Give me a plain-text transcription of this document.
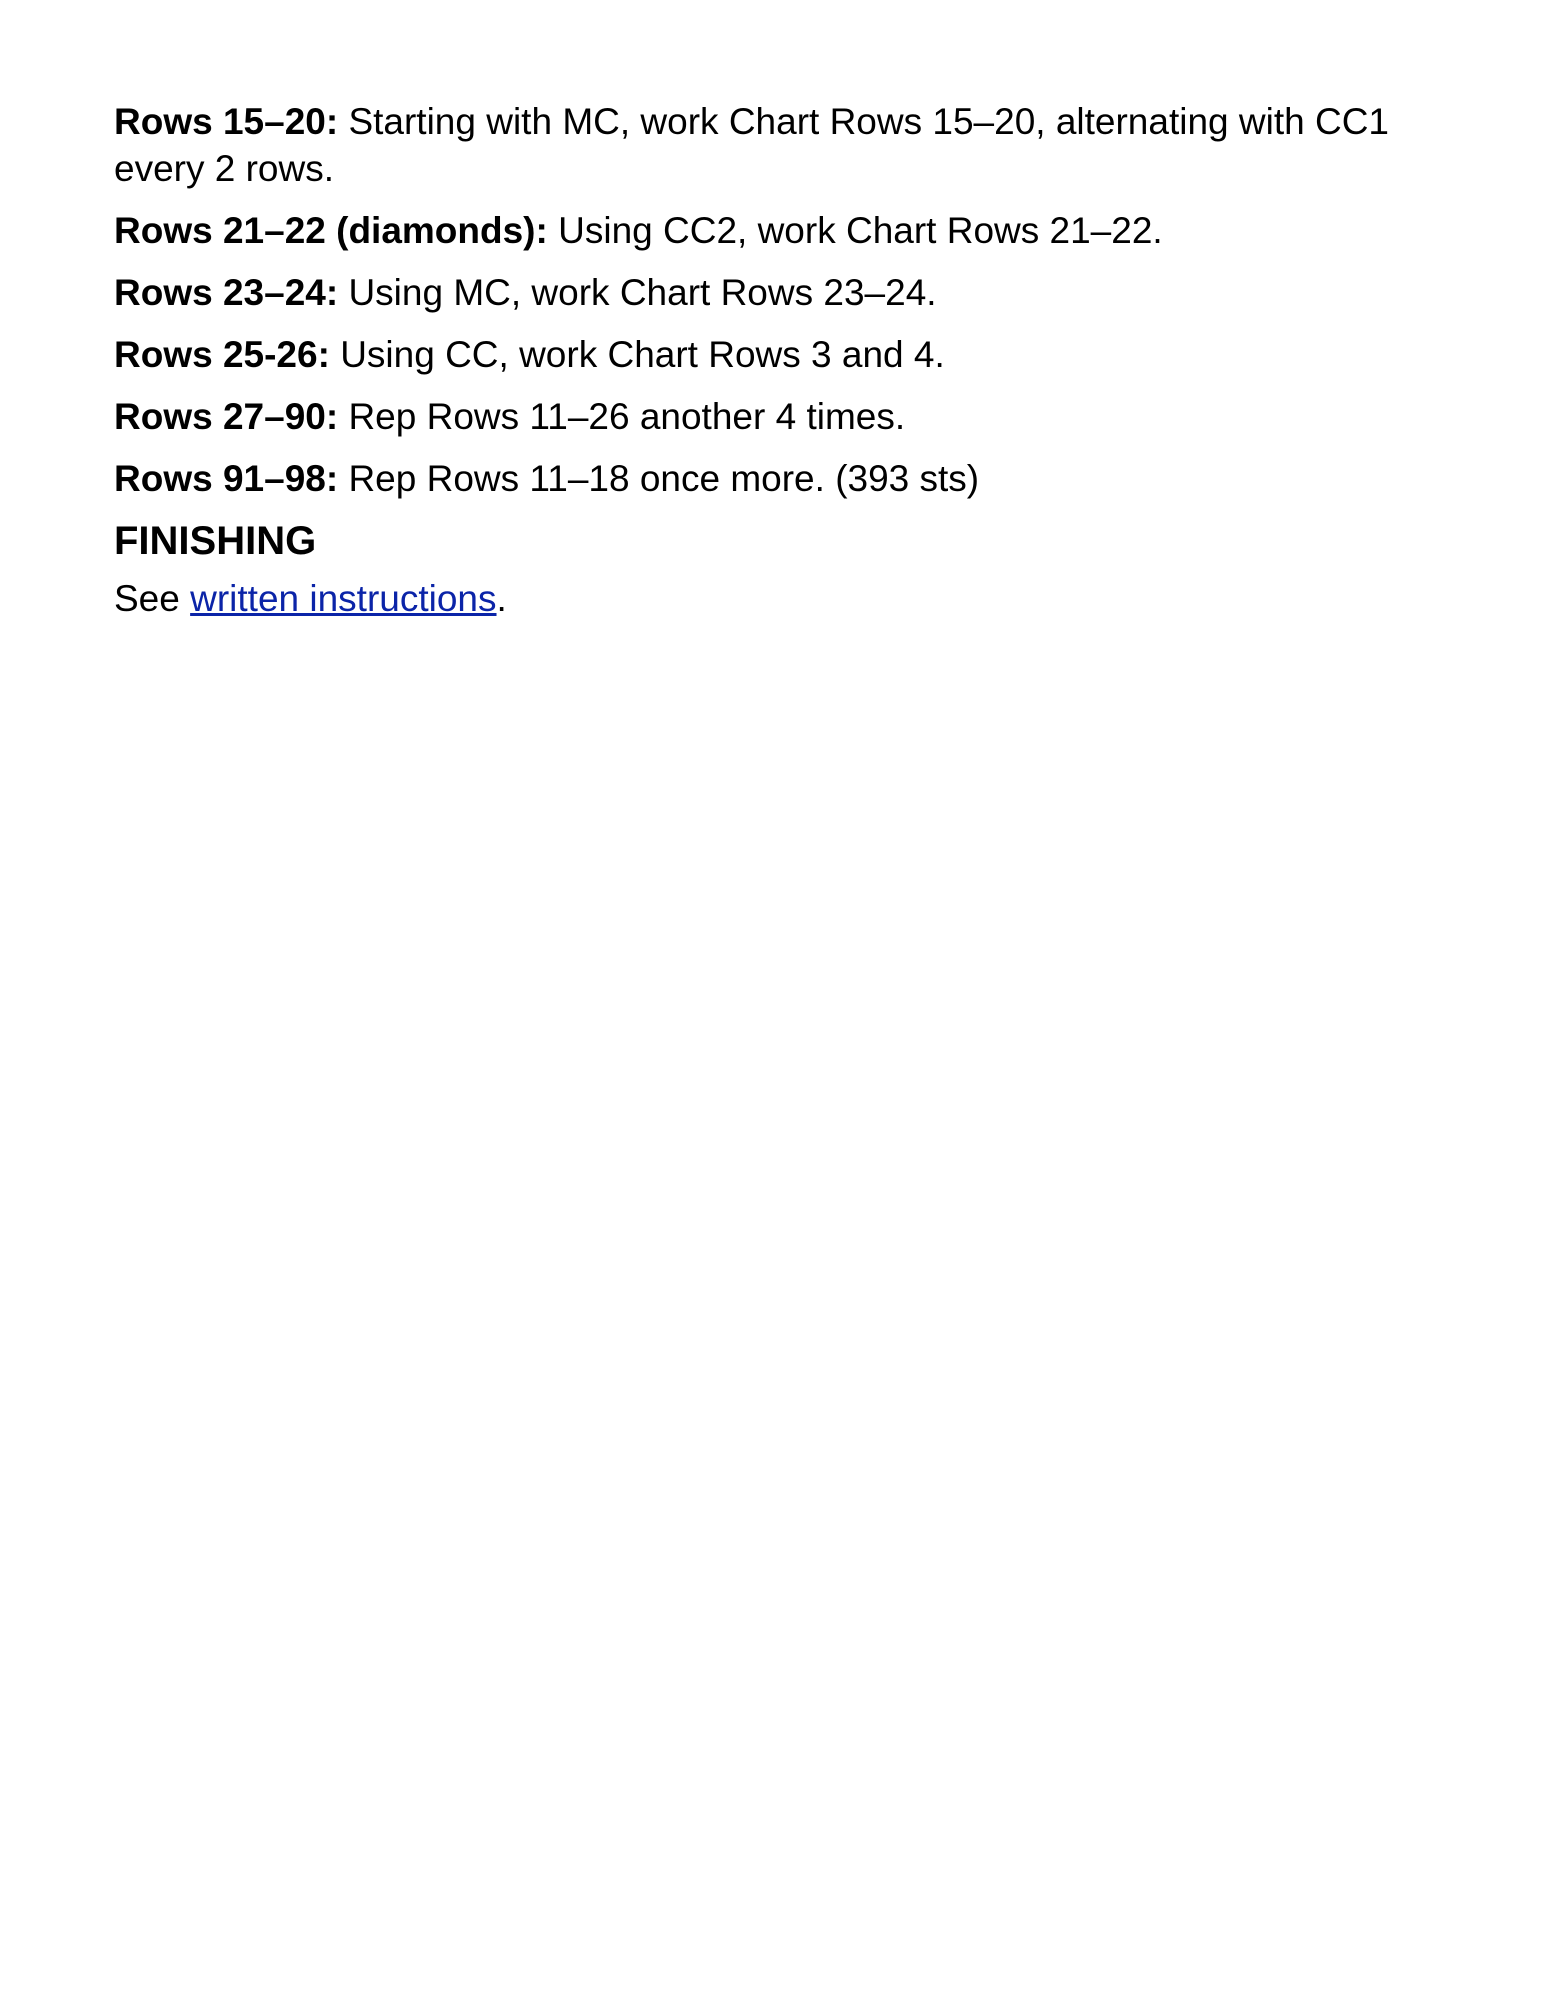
Rows 15–20: Starting with MC, work Chart Rows 15–20, alternating with CC1 every 2 rows.

Rows 21–22 (diamonds): Using CC2, work Chart Rows 21–22.

Rows 23–24: Using MC, work Chart Rows 23–24.

Rows 25-26: Using CC, work Chart Rows 3 and 4.

Rows 27–90: Rep Rows 11–26 another 4 times.

Rows 91–98: Rep Rows 11–18 once more. (393 sts)

FINISHING

See written instructions.
